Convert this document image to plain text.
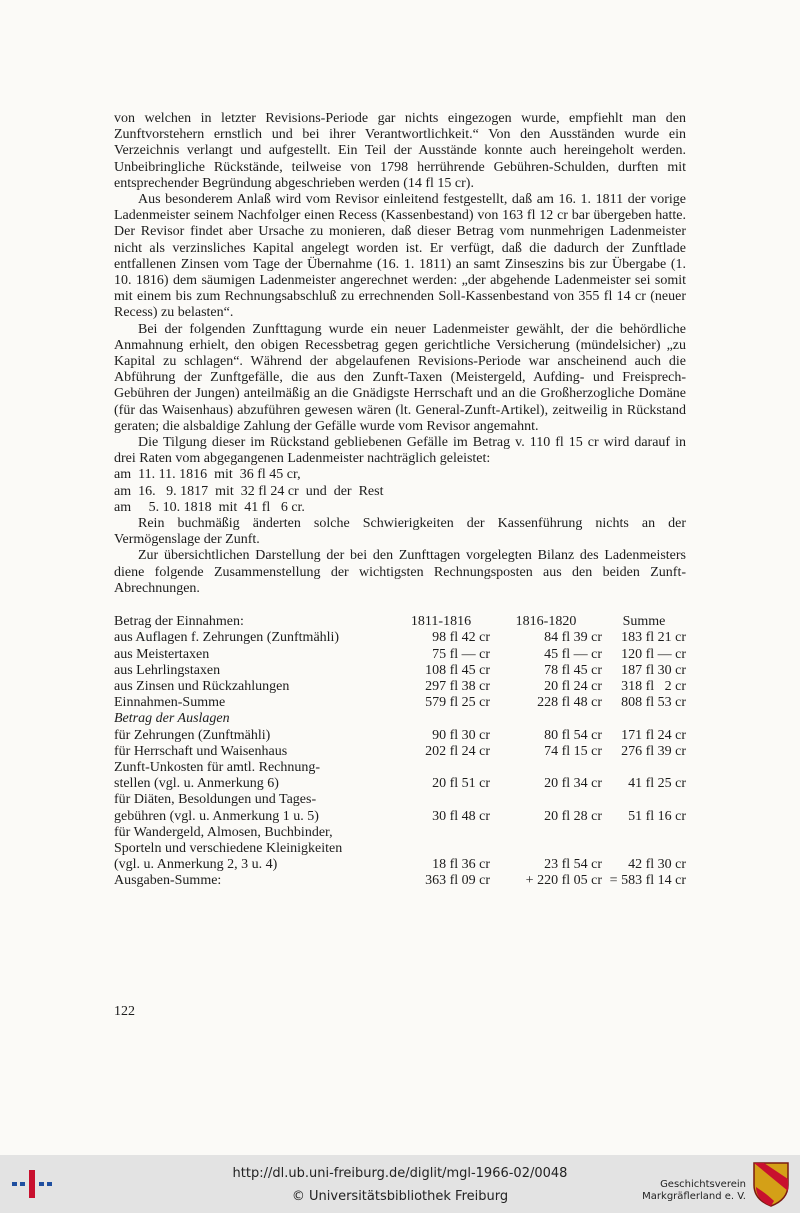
von welchen in letzter Revisions-Periode gar nichts eingezogen wurde, empfiehlt man den Zunftvorstehern ernstlich und bei ihrer Verantwortlichkeit.“ Von den Ausständen wurde ein Verzeichnis verlangt und aufgestellt. Ein Teil der Ausstände konnte auch hereingeholt werden. Unbeibringliche Rückstände, teilweise von 1798 herrührende Gebühren-Schulden, durften mit entsprechender Begründung abgeschrieben werden (14 fl 15 cr).

Aus besonderem Anlaß wird vom Revisor einleitend festgestellt, daß am 16. 1. 1811 der vorige Ladenmeister seinem Nachfolger einen Recess (Kassenbestand) von 163 fl 12 cr bar übergeben hatte. Der Revisor findet aber Ursache zu monieren, daß dieser Betrag vom nunmehrigen Ladenmeister nicht als verzinsliches Kapital angelegt worden ist. Er verfügt, daß die dadurch der Zunftlade entfallenen Zinsen vom Tage der Übernahme (16. 1. 1811) an samt Zinseszins bis zur Übergabe (1. 10. 1816) dem säumigen Ladenmeister angerechnet werden: „der abgehende Ladenmeister sei somit mit einem bis zum Rechnungsabschluß zu errechnenden Soll-Kassenbestand von 355 fl 14 cr (neuer Recess) zu belasten“.

Bei der folgenden Zunfttagung wurde ein neuer Ladenmeister gewählt, der die behördliche Anmahnung erhielt, den obigen Recessbetrag gegen gerichtliche Versicherung (mündelsicher) „zu Kapital zu schlagen“. Während der abgelaufenen Revisions-Periode war anscheinend auch die Abführung der Zunftgefälle, die aus den Zunft-Taxen (Meistergeld, Aufding- und Freisprech-Gebühren der Jungen) anteilmäßig an die Gnädigste Herrschaft und an die Großherzogliche Domäne (für das Waisenhaus) abzuführen gewesen wären (lt. General-Zunft-Artikel), zeitweilig in Rückstand geraten; die alsbaldige Zahlung der Gefälle wurde vom Revisor angemahnt.

Die Tilgung dieser im Rückstand gebliebenen Gefälle im Betrag v. 110 fl 15 cr wird darauf in drei Raten vom abgegangenen Ladenmeister nachträglich geleistet:

am  11. 11. 1816  mit  36 fl 45 cr,
am  16.   9. 1817  mit  32 fl 24 cr  und  der  Rest
am     5. 10. 1818  mit  41 fl   6 cr.

Rein buchmäßig änderten solche Schwierigkeiten der Kassenführung nichts an der Vermögenslage der Zunft.

Zur übersichtlichen Darstellung der bei den Zunfttagen vorgelegten Bilanz des Ladenmeisters diene folgende Zusammenstellung der wichtigsten Rechnungsposten aus den beiden Zunft-Abrechnungen.

Betrag der Einnahmen:	1811-1816	1816-1820	Summe
aus Auflagen f. Zehrungen (Zunftmähli)	98 fl 42 cr	84 fl 39 cr	183 fl 21 cr
aus Meistertaxen	75 fl — cr	45 fl — cr	120 fl — cr
aus Lehrlingstaxen	108 fl 45 cr	78 fl 45 cr	187 fl 30 cr
aus Zinsen und Rückzahlungen	297 fl 38 cr	20 fl 24 cr	318 fl   2 cr
Einnahmen-Summe	579 fl 25 cr	228 fl 48 cr	808 fl 53 cr
Betrag der Auslagen			
für Zehrungen (Zunftmähli)	90 fl 30 cr	80 fl 54 cr	171 fl 24 cr
für Herrschaft und Waisenhaus	202 fl 24 cr	74 fl 15 cr	276 fl 39 cr
Zunft-Unkosten für amtl. Rechnung-			
stellen (vgl. u. Anmerkung 6)	20 fl 51 cr	20 fl 34 cr	41 fl 25 cr
für Diäten, Besoldungen und Tages-			
gebühren (vgl. u. Anmerkung 1 u. 5)	30 fl 48 cr	20 fl 28 cr	51 fl 16 cr
für Wandergeld, Almosen, Buchbinder,			
Sporteln und verschiedene Kleinigkeiten			
(vgl. u. Anmerkung 2, 3 u. 4)	18 fl 36 cr	23 fl 54 cr	42 fl 30 cr
Ausgaben-Summe:	363 fl 09 cr	+ 220 fl 05 cr	= 583 fl 14 cr
122
http://dl.ub.uni-freiburg.de/diglit/mgl-1966-02/0048
© Universitätsbibliothek Freiburg
Geschichtsverein
Markgräflerland e. V.
